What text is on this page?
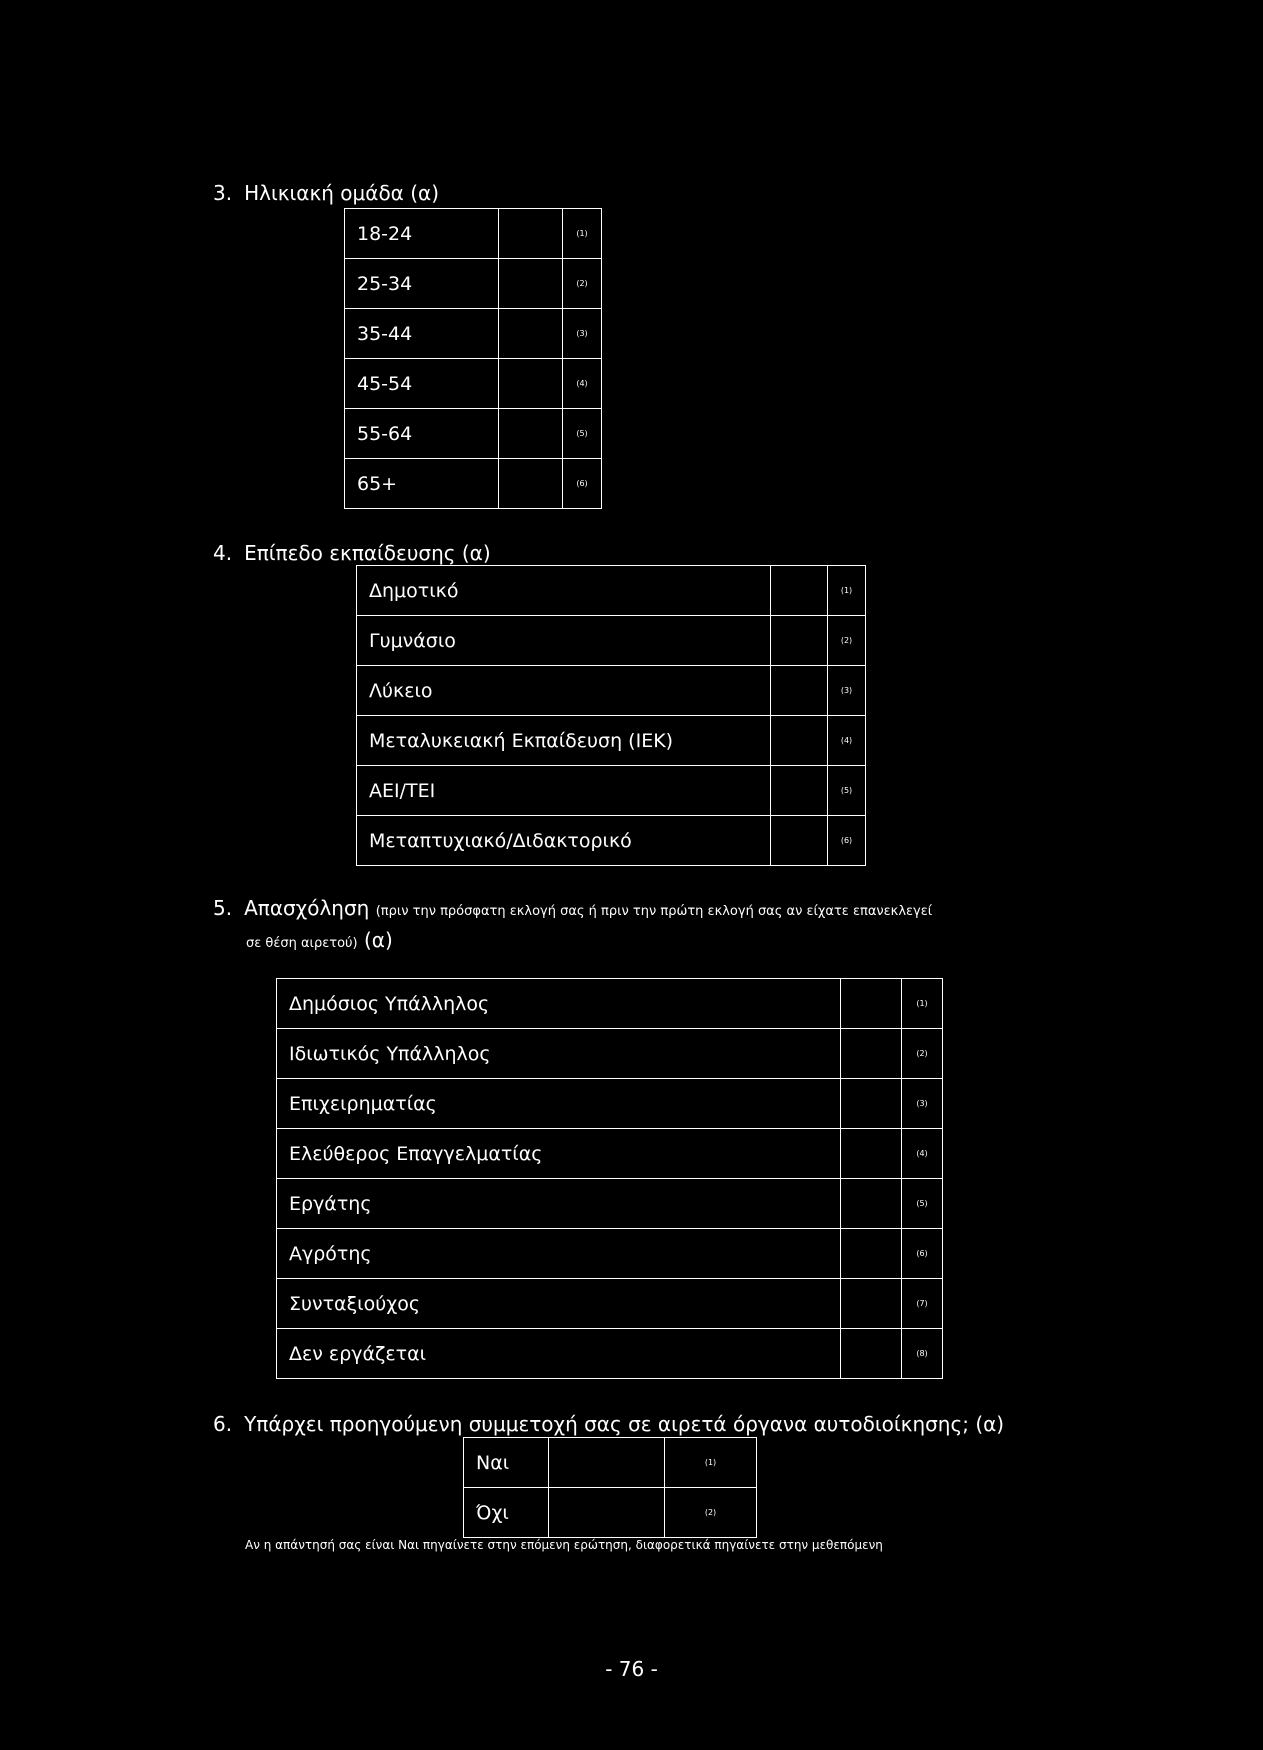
3. Ηλικιακή ομάδα (α)
18-24		(1)
25-34		(2)
35-44		(3)
45-54		(4)
55-64		(5)
65+		(6)
4. Επίπεδο εκπαίδευσης (α)
Δημοτικό		(1)
Γυμνάσιο		(2)
Λύκειο		(3)
Μεταλυκειακή Εκπαίδευση (ΙΕΚ)		(4)
ΑΕΙ/ΤΕΙ		(5)
Μεταπτυχιακό/Διδακτορικό		(6)
5. Απασχόληση (πριν την πρόσφατη εκλογή σας ή πριν την πρώτη εκλογή σας αν είχατε επανεκλεγεί
σε θέση αιρετού) (α)
Δημόσιος Υπάλληλος		(1)
Ιδιωτικός Υπάλληλος		(2)
Επιχειρηματίας		(3)
Ελεύθερος Επαγγελματίας		(4)
Εργάτης		(5)
Αγρότης		(6)
Συνταξιούχος		(7)
Δεν εργάζεται		(8)
6. Υπάρχει προηγούμενη συμμετοχή σας σε αιρετά όργανα αυτοδιοίκησης; (α)
Ναι		(1)
Όχι		(2)
Αν η απάντησή σας είναι Ναι πηγαίνετε στην επόμενη ερώτηση, διαφορετικά πηγαίνετε στην μεθεπόμενη
- 76 -
